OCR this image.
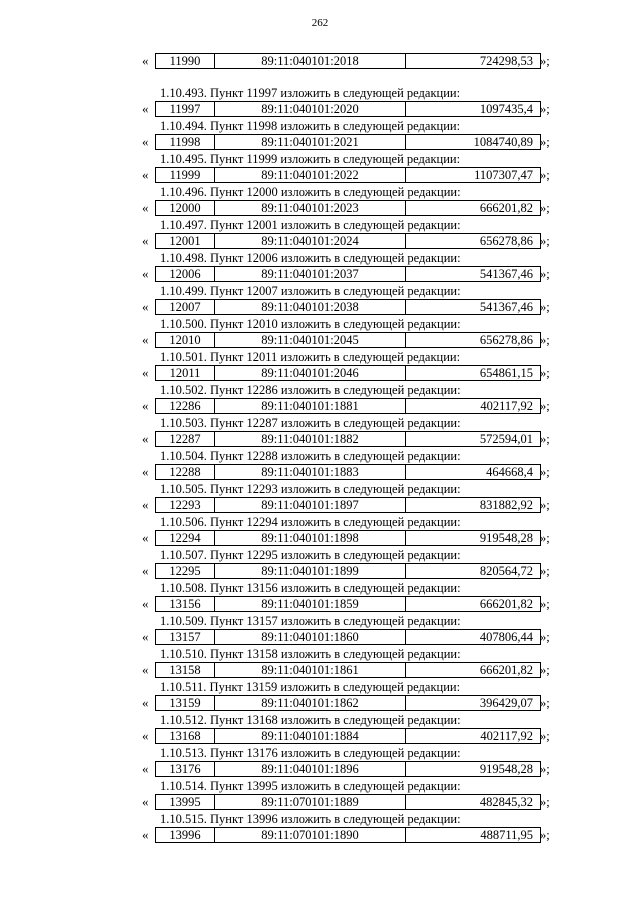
262
«	11990	89:11:040101:2018	724298,53 »;
1.10.493. Пункт 11997 изложить в следующей редакции:
«	11997	89:11:040101:2020	1097435,4 »;
1.10.494. Пункт 11998 изложить в следующей редакции:
«	11998	89:11:040101:2021	1084740,89 »;
1.10.495. Пункт 11999 изложить в следующей редакции:
«	11999	89:11:040101:2022	1107307,47 »;
1.10.496. Пункт 12000 изложить в следующей редакции:
«	12000	89:11:040101:2023	666201,82 »;
1.10.497. Пункт 12001 изложить в следующей редакции:
«	12001	89:11:040101:2024	656278,86 »;
1.10.498. Пункт 12006 изложить в следующей редакции:
«	12006	89:11:040101:2037	541367,46 »;
1.10.499. Пункт 12007 изложить в следующей редакции:
«	12007	89:11:040101:2038	541367,46 »;
1.10.500. Пункт 12010 изложить в следующей редакции:
«	12010	89:11:040101:2045	656278,86 »;
1.10.501. Пункт 12011 изложить в следующей редакции:
«	12011	89:11:040101:2046	654861,15 »;
1.10.502. Пункт 12286 изложить в следующей редакции:
«	12286	89:11:040101:1881	402117,92 »;
1.10.503. Пункт 12287 изложить в следующей редакции:
«	12287	89:11:040101:1882	572594,01 »;
1.10.504. Пункт 12288 изложить в следующей редакции:
«	12288	89:11:040101:1883	464668,4 »;
1.10.505. Пункт 12293 изложить в следующей редакции:
«	12293	89:11:040101:1897	831882,92 »;
1.10.506. Пункт 12294 изложить в следующей редакции:
«	12294	89:11:040101:1898	919548,28 »;
1.10.507. Пункт 12295 изложить в следующей редакции:
«	12295	89:11:040101:1899	820564,72 »;
1.10.508. Пункт 13156 изложить в следующей редакции:
«	13156	89:11:040101:1859	666201,82 »;
1.10.509. Пункт 13157 изложить в следующей редакции:
«	13157	89:11:040101:1860	407806,44 »;
1.10.510. Пункт 13158 изложить в следующей редакции:
«	13158	89:11:040101:1861	666201,82 »;
1.10.511. Пункт 13159 изложить в следующей редакции:
«	13159	89:11:040101:1862	396429,07 »;
1.10.512. Пункт 13168 изложить в следующей редакции:
«	13168	89:11:040101:1884	402117,92 »;
1.10.513. Пункт 13176 изложить в следующей редакции:
«	13176	89:11:040101:1896	919548,28 »;
1.10.514. Пункт 13995 изложить в следующей редакции:
«	13995	89:11:070101:1889	482845,32 »;
1.10.515. Пункт 13996 изложить в следующей редакции:
«	13996	89:11:070101:1890	488711,95 »;
